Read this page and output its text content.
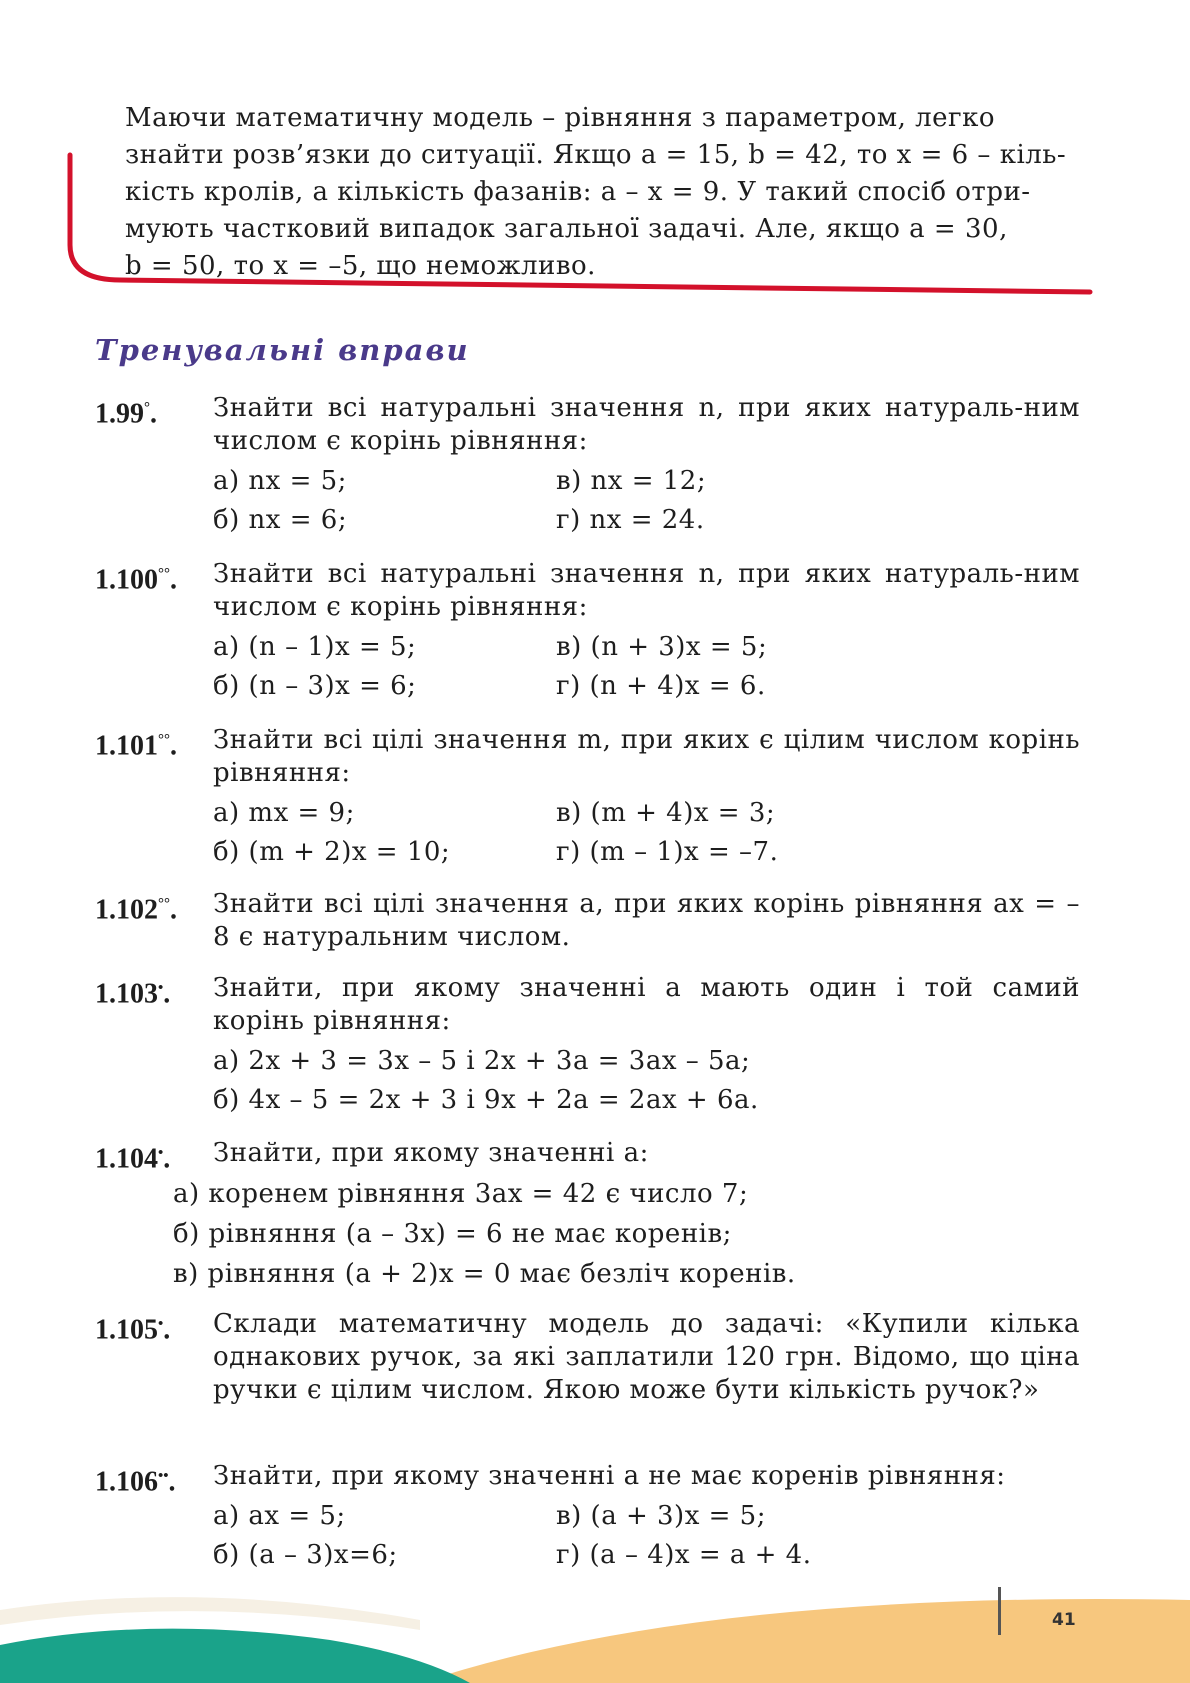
Маючи математичну модель – рівняння з параметром, легко

знайти розв’язки до ситуації. Якщо a = 15, b = 42, то x = 6 – кіль-

кість кролів, а кількість фазанів: a – x = 9. У такий спосіб отри-

мують частковий випадок загальної задачі. Але, якщо a = 30,

b = 50, то x = –5, що неможливо.

Тренувальні вправи
1.99°. Знайти всі натуральні значення n, при яких натураль-ним числом є корінь рівняння:
а) nx = 5;	в) nx = 12;
б) nx = 6;	г) nx = 24.
1.100°°. Знайти всі натуральні значення n, при яких натураль-ним числом є корінь рівняння:
а) (n – 1)x = 5;	в) (n + 3)x = 5;
б) (n – 3)x = 6;	г) (n + 4)x = 6.
1.101°°. Знайти всі цілі значення m, при яких є цілим числом корінь рівняння:
а) mx = 9;	в) (m + 4)x = 3;
б) (m + 2)x = 10;	г) (m – 1)x = –7.
1.102°°. Знайти всі цілі значення a, при яких корінь рівняння ax = –8 є натуральним числом.
1.103•. Знайти, при якому значенні a мають один і той самий корінь рівняння:
а) 2x + 3 = 3x – 5 і 2x + 3a = 3ax – 5a;
б) 4x – 5 = 2x + 3 і 9x + 2a = 2ax + 6a.
1.104•. Знайти, при якому значенні a:
а) коренем рівняння 3ax = 42 є число 7;
б) рівняння (a – 3x) = 6 не має коренів;
в) рівняння (a + 2)x = 0 має безліч коренів.
1.105•. Склади математичну модель до задачі: «Купили кілька однакових ручок, за які заплатили 120 грн. Відомо, що ціна ручки є цілим числом. Якою може бути кількість ручок?»
1.106••. Знайти, при якому значенні a не має коренів рівняння:
а) ax = 5;	в) (a + 3)x = 5;
б) (a – 3)x=6;	г) (a – 4)x = a + 4.
41
